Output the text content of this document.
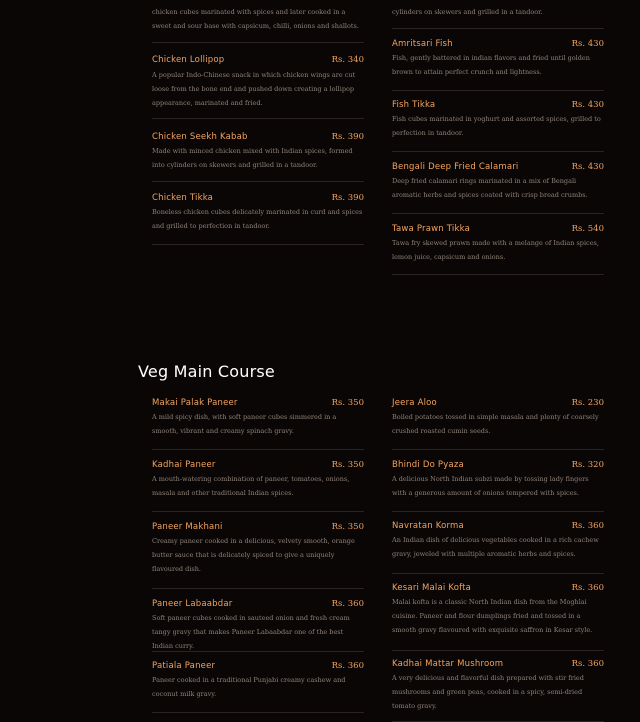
chicken cubes marinated with spices and later cooked in a sweet and sour base with capsicum, chilli, onions and shallots.
Chicken Lollipop	Rs. 340
A popular Indo-Chinese snack in which chicken wings are cut loose from the bone end and pushed down creating a lollipop appearance, marinated and fried.
Chicken Seekh Kabab	Rs. 390
Made with minced chicken mixed with Indian spices, formed into cylinders on skewers and grilled in a tandoor.
Chicken Tikka	Rs. 390
Boneless chicken cubes delicately marinated in curd and spices and grilled to perfection in tandoor.
cylinders on skewers and grilled in a tandoor.
Amritsari Fish	Rs. 430
Fish, gently battered in indian flavors and fried until golden brown to attain perfect crunch and lightness.
Fish Tikka	Rs. 430
Fish cubes marinated in yoghurt and assorted spices, grilled to perfection in tandoor.
Bengali Deep Fried Calamari	Rs. 430
Deep fried calamari rings marinated in a mix of Bengali aromatic herbs and spices coated with crisp bread crumbs.
Tawa Prawn Tikka	Rs. 540
Tawa fry skewed prawn made with a melange of Indian spices, lemon juice, capsicum and onions.
Veg Main Course
Makai Palak Paneer	Rs. 350
A mild spicy dish, with soft paneer cubes simmered in a smooth, vibrant and creamy spinach gravy.
Kadhai Paneer	Rs. 350
A mouth-watering combination of paneer, tomatoes, onions, masala and other traditional Indian spices.
Paneer Makhani	Rs. 350
Creamy paneer cooked in a delicious, velvety smooth, orange butter sauce that is delicately spiced to give a uniquely flavoured dish.
Paneer Labaabdar	Rs. 360
Soft paneer cubes cooked in sauteed onion and fresh cream tangy gravy that makes Paneer Labaabdar one of the best Indian curry.
Patiala Paneer	Rs. 360
Paneer cooked in a traditional Punjabi creamy cashew and coconut milk gravy.
Jeera Aloo	Rs. 230
Boiled potatoes tossed in simple masala and plenty of coarsely crushed roasted cumin seeds.
Bhindi Do Pyaza	Rs. 320
A delicious North Indian subzi made by tossing lady fingers with a generous amount of onions tempered with spices.
Navratan Korma	Rs. 360
An Indian dish of delicious vegetables cooked in a rich cachew gravy, jeweled with multiple aromatic herbs and spices.
Kesari Malai Kofta	Rs. 360
Malai kofta is a classic North Indian dish from the Moghlai cuisine. Paneer and flour dumplings fried and tossed in a smooth gravy flavoured with exquisite saffron in Kesar style.
Kadhai Mattar Mushroom	Rs. 360
A very delicious and flavorful dish prepared with stir fried mushrooms and green peas, cooked in a spicy, semi-dried tomato gravy.
